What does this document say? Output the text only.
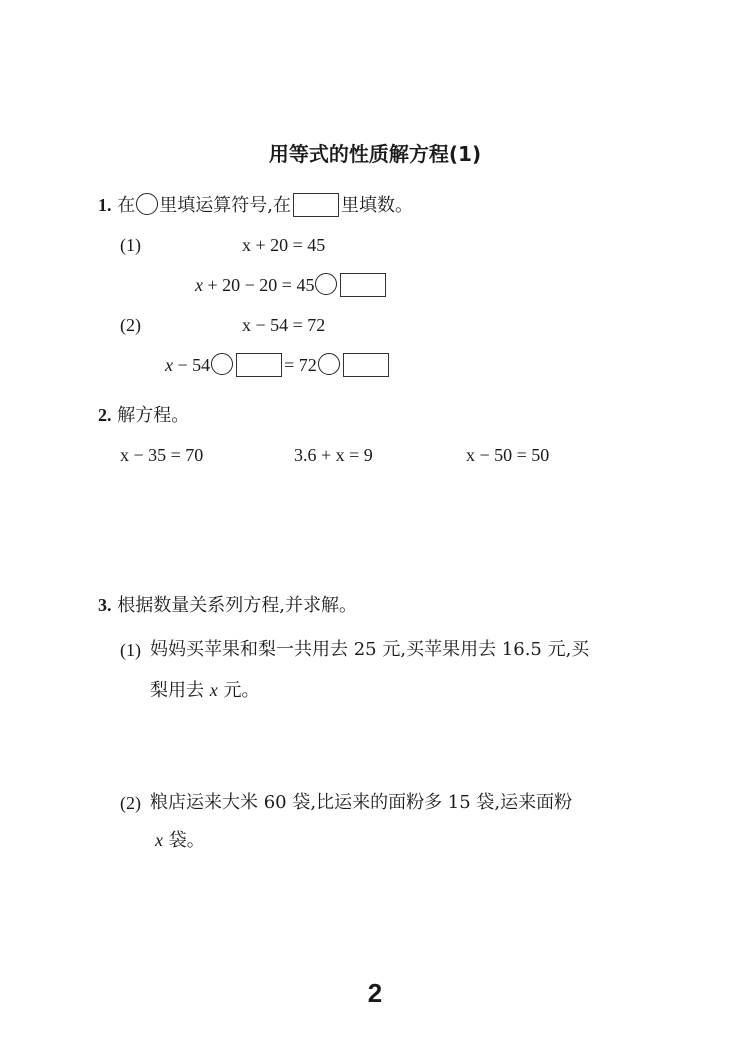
用等式的性质解方程(1)
1. 在 里填运算符号,在	里填数。
(1)	x + 20 = 45
x + 20 − 20 = 45
(2)	x − 54 = 72
x − 54	= 72
2. 解方程。
x − 35 = 70	3.6 + x = 9	x − 50 = 50
3. 根据数量关系列方程,并求解。
(1) 妈妈买苹果和梨一共用去 25 元,买苹果用去 16.5 元,买
梨用去 x 元。
(2) 粮店运来大米 60 袋,比运来的面粉多 15 袋,运来面粉
x 袋。
2
